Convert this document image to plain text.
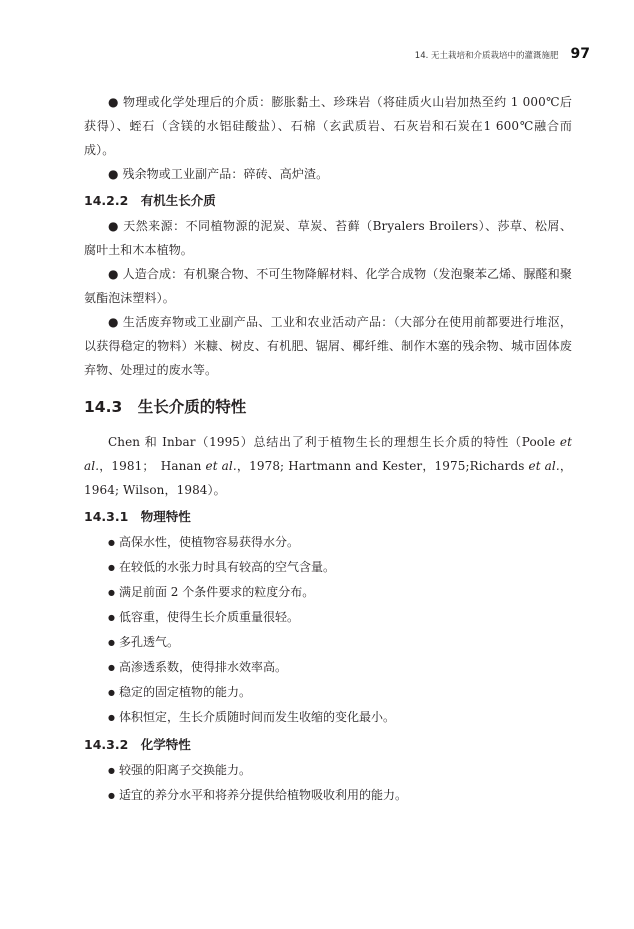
14. 无土栽培和介质栽培中的灌溉施肥 97

● 物理或化学处理后的介质：膨胀黏土、珍珠岩（将硅质火山岩加热至约 1 000℃后获得）、蛭石（含镁的水铝硅酸盐）、石棉（玄武质岩、石灰岩和石炭在1 600℃融合而成）。

● 残余物或工业副产品：碎砖、高炉渣。

14.2.2　有机生长介质

● 天然来源：不同植物源的泥炭、草炭、苔藓（Bryalers Broilers）、莎草、松屑、腐叶土和木本植物。

● 人造合成：有机聚合物、不可生物降解材料、化学合成物（发泡聚苯乙烯、脲醛和聚氨酯泡沫塑料）。

● 生活废弃物或工业副产品、工业和农业活动产品：（大部分在使用前都要进行堆沤，以获得稳定的物料）米糠、树皮、有机肥、锯屑、椰纤维、制作木塞的残余物、城市固体废弃物、处理过的废水等。

14.3　生长介质的特性

Chen 和 Inbar（1995）总结出了利于植物生长的理想生长介质的特性（Poole et al.，1981；　Hanan et al.，1978; Hartmann and Kester，1975;Richards et al.，1964; Wilson，1984）。

14.3.1　物理特性
● 高保水性，使植物容易获得水分。
● 在较低的水张力时具有较高的空气含量。
● 满足前面 2 个条件要求的粒度分布。
● 低容重，使得生长介质重量很轻。
● 多孔透气。
● 高渗透系数，使得排水效率高。
● 稳定的固定植物的能力。
● 体积恒定，生长介质随时间而发生收缩的变化最小。
14.3.2　化学特性
● 较强的阳离子交换能力。
● 适宜的养分水平和将养分提供给植物吸收利用的能力。
